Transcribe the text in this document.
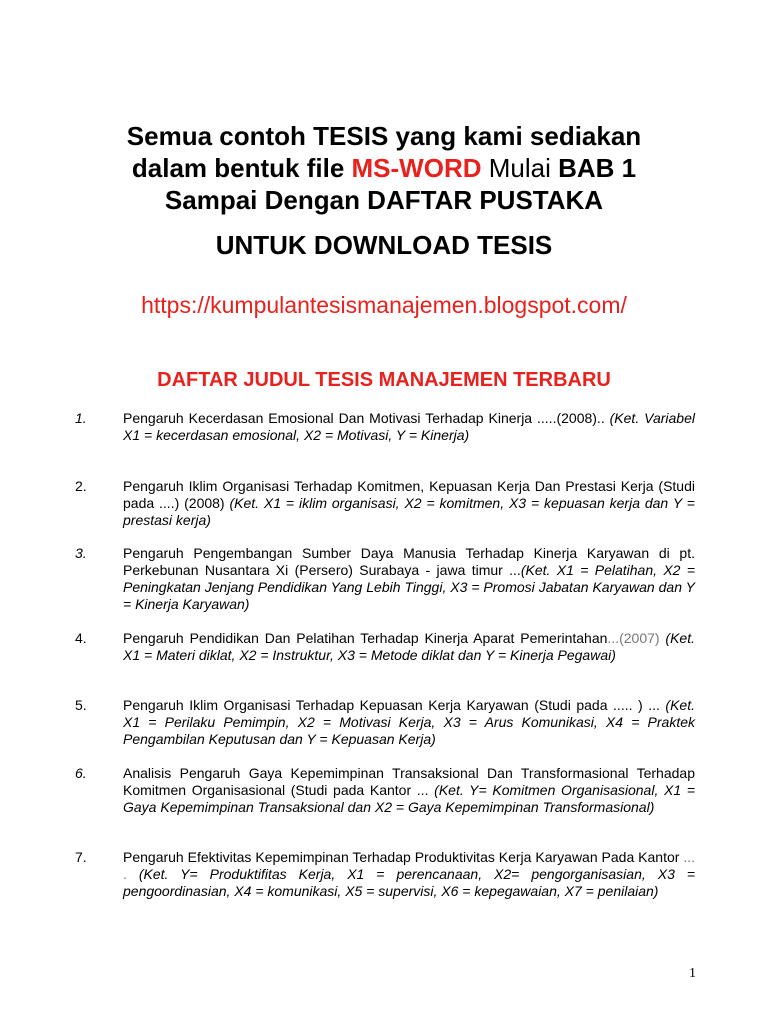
Semua contoh TESIS yang kami sediakan
dalam bentuk file MS-WORD Mulai BAB 1
Sampai Dengan DAFTAR PUSTAKA
UNTUK DOWNLOAD TESIS
https://kumpulantesismanajemen.blogspot.com/
DAFTAR JUDUL TESIS MANAJEMEN TERBARU
1.	Pengaruh Kecerdasan Emosional Dan Motivasi Terhadap Kinerja .....(2008).. (Ket. Variabel X1 = kecerdasan emosional, X2 = Motivasi, Y = Kinerja)
2.	Pengaruh Iklim Organisasi Terhadap Komitmen, Kepuasan Kerja Dan Prestasi Kerja (Studi pada ....) (2008) (Ket. X1 = iklim organisasi, X2 = komitmen, X3 = kepuasan kerja dan Y = prestasi kerja)
3.	Pengaruh Pengembangan Sumber Daya Manusia Terhadap Kinerja Karyawan di pt. Perkebunan Nusantara Xi (Persero) Surabaya - jawa timur ...(Ket. X1 = Pelatihan, X2 = Peningkatan Jenjang Pendidikan Yang Lebih Tinggi, X3 = Promosi Jabatan Karyawan dan Y = Kinerja Karyawan)
4.	Pengaruh Pendidikan Dan Pelatihan Terhadap Kinerja Aparat Pemerintahan...(2007) (Ket. X1 = Materi diklat, X2 = Instruktur, X3 = Metode diklat dan Y = Kinerja Pegawai)
5.	Pengaruh Iklim Organisasi Terhadap Kepuasan Kerja Karyawan (Studi pada ..... ) ... (Ket. X1 = Perilaku Pemimpin, X2 = Motivasi Kerja, X3 = Arus Komunikasi, X4 = Praktek Pengambilan Keputusan dan Y = Kepuasan Kerja)
6.	Analisis Pengaruh Gaya Kepemimpinan Transaksional Dan Transformasional Terhadap Komitmen Organisasional (Studi pada Kantor ... (Ket. Y= Komitmen Organisasional, X1 = Gaya Kepemimpinan Transaksional dan X2 = Gaya Kepemimpinan Transformasional)
7.	Pengaruh Efektivitas Kepemimpinan Terhadap Produktivitas Kerja Karyawan Pada Kantor ... . (Ket. Y= Produktifitas Kerja, X1 = perencanaan, X2= pengorganisasian, X3 = pengoordinasian, X4 = komunikasi, X5 = supervisi, X6 = kepegawaian, X7 = penilaian)
1
